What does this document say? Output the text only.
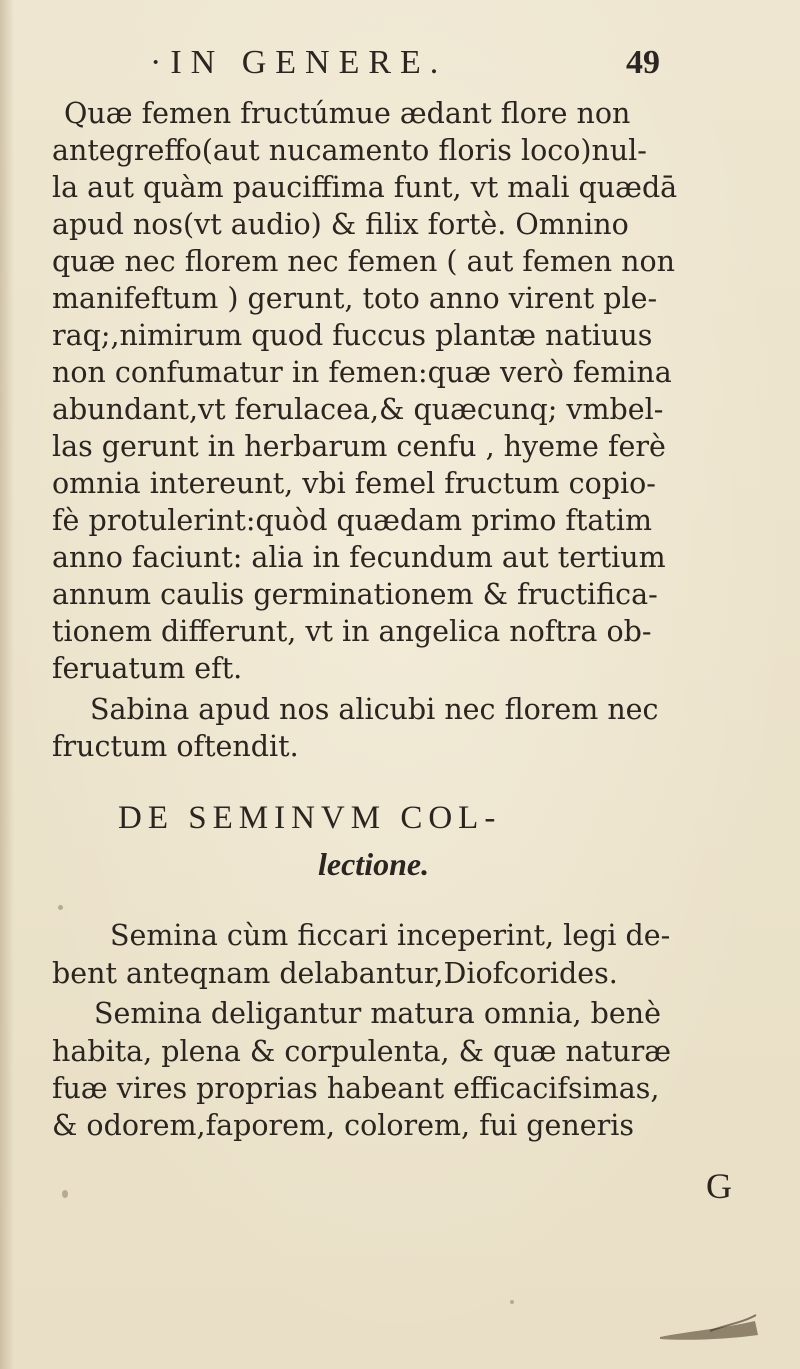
·IN GENERE.	49
Quæ femen fructúmue ædant flore non
antegreffo(aut nucamento floris loco)nul-
la aut quàm pauciffima funt, vt mali quædā
apud nos(vt audio) & filix fortè. Omnino
quæ nec florem nec femen ( aut femen non
manifeftum ) gerunt, toto anno virent ple-
raq;,nimirum quod fuccus plantæ natiuus
non confumatur in femen:quæ verò femina
abundant,vt ferulacea,& quæcunq; vmbel-
las gerunt in herbarum cenfu , hyeme ferè
omnia intereunt, vbi femel fructum copio-
fè protulerint:quòd quædam primo ftatim
anno faciunt: alia in fecundum aut tertium
annum caulis germinationem & fructifica-
tionem differunt, vt in angelica noftra ob-
feruatum eft.
Sabina apud nos alicubi nec florem nec
fructum oftendit.
DE SEMINVM COL-
lectione.
Semina cùm ficcari inceperint, legi de-
bent anteqnam delabantur,Diofcorides.
Semina deligantur matura omnia, benè
habita, plena & corpulenta, & quæ naturæ
fuæ vires proprias habeant efficacifsimas,
& odorem,faporem, colorem, fui generis
G
